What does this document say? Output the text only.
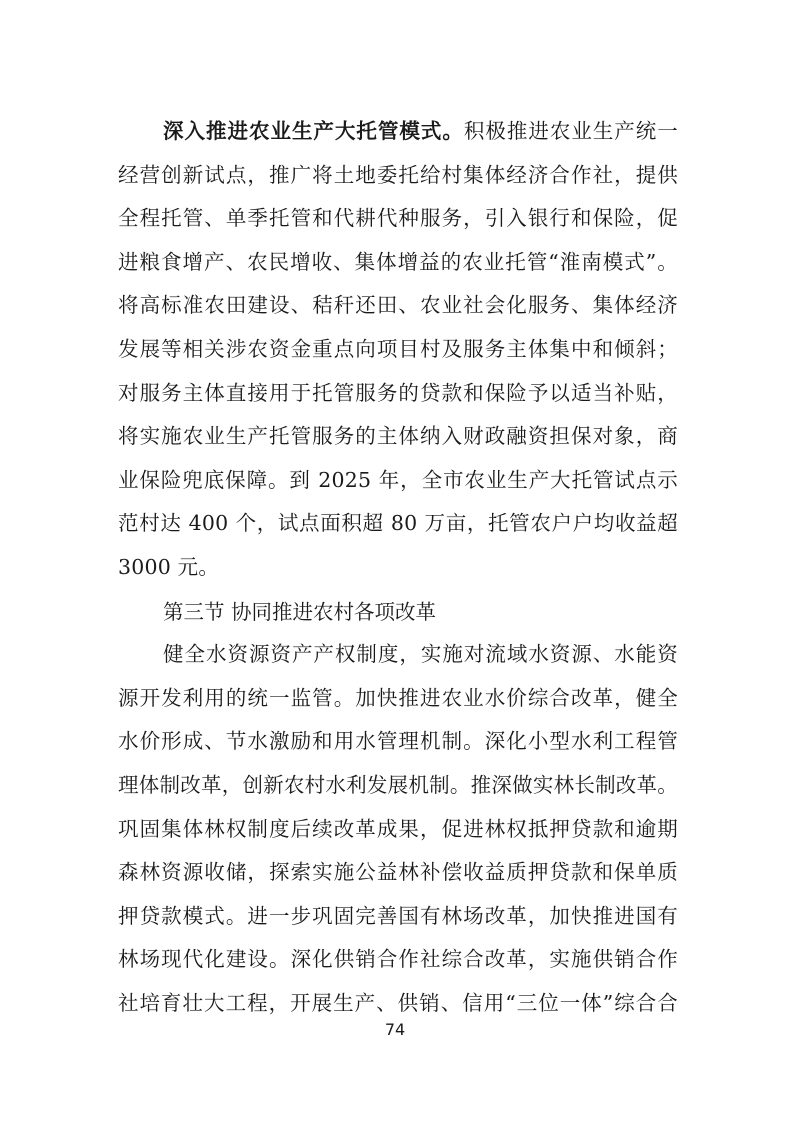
深入推进农业生产大托管模式。积极推进农业生产统一
经营创新试点，推广将土地委托给村集体经济合作社，提供
全程托管、单季托管和代耕代种服务，引入银行和保险，促
进粮食增产、农民增收、集体增益的农业托管“淮南模式”。
将高标准农田建设、秸秆还田、农业社会化服务、集体经济
发展等相关涉农资金重点向项目村及服务主体集中和倾斜；
对服务主体直接用于托管服务的贷款和保险予以适当补贴，
将实施农业生产托管服务的主体纳入财政融资担保对象，商
业保险兜底保障。到 2025 年，全市农业生产大托管试点示
范村达 400 个，试点面积超 80 万亩，托管农户户均收益超
3000 元。
第三节 协同推进农村各项改革
健全水资源资产产权制度，实施对流域水资源、水能资
源开发利用的统一监管。加快推进农业水价综合改革，健全
水价形成、节水激励和用水管理机制。深化小型水利工程管
理体制改革，创新农村水利发展机制。推深做实林长制改革。
巩固集体林权制度后续改革成果，促进林权抵押贷款和逾期
森林资源收储，探索实施公益林补偿收益质押贷款和保单质
押贷款模式。进一步巩固完善国有林场改革，加快推进国有
林场现代化建设。深化供销合作社综合改革，实施供销合作
社培育壮大工程，开展生产、供销、信用“三位一体”综合合
74
